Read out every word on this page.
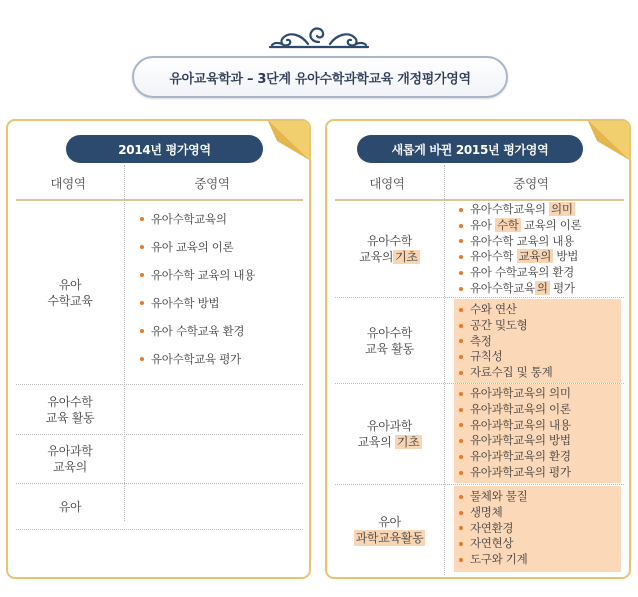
유아교육학과 – 3단계 유아수학과학교육 개정평가영역
2014년 평가영역
대영역	중영역
유아
수학교육
유아수학교육의
유아 교육의 이론
유아수학 교육의 내용
유아수학 방법
유아 수학교육 환경
유아수학교육 평가
유아수학
교육 활동
유아과학
교육의
유아
새롭게 바뀐 2015년 평가영역
대영역	중영역
유아수학
교육의 기초
유아수학교육의 의미
유아 수학 교육의 이론
유아수학 교육의 내용
유아수학 교육의 방법
유아 수학교육의 환경
유아수학교육 의 평가
유아수학
교육 활동
수와 연산
공간 및도형
측정
규칙성
자료수집 및 통계
유아과학
교육의 기초
유아과학교육의 의미
유아과학교육의 이론
유아과학교육의 내용
유아과학교육의 방법
유아과학교육의 환경
유아과학교육의 평가
유아
과학교육활동
물체와 물질
생명체
자연환경
자연현상
도구와 기계
